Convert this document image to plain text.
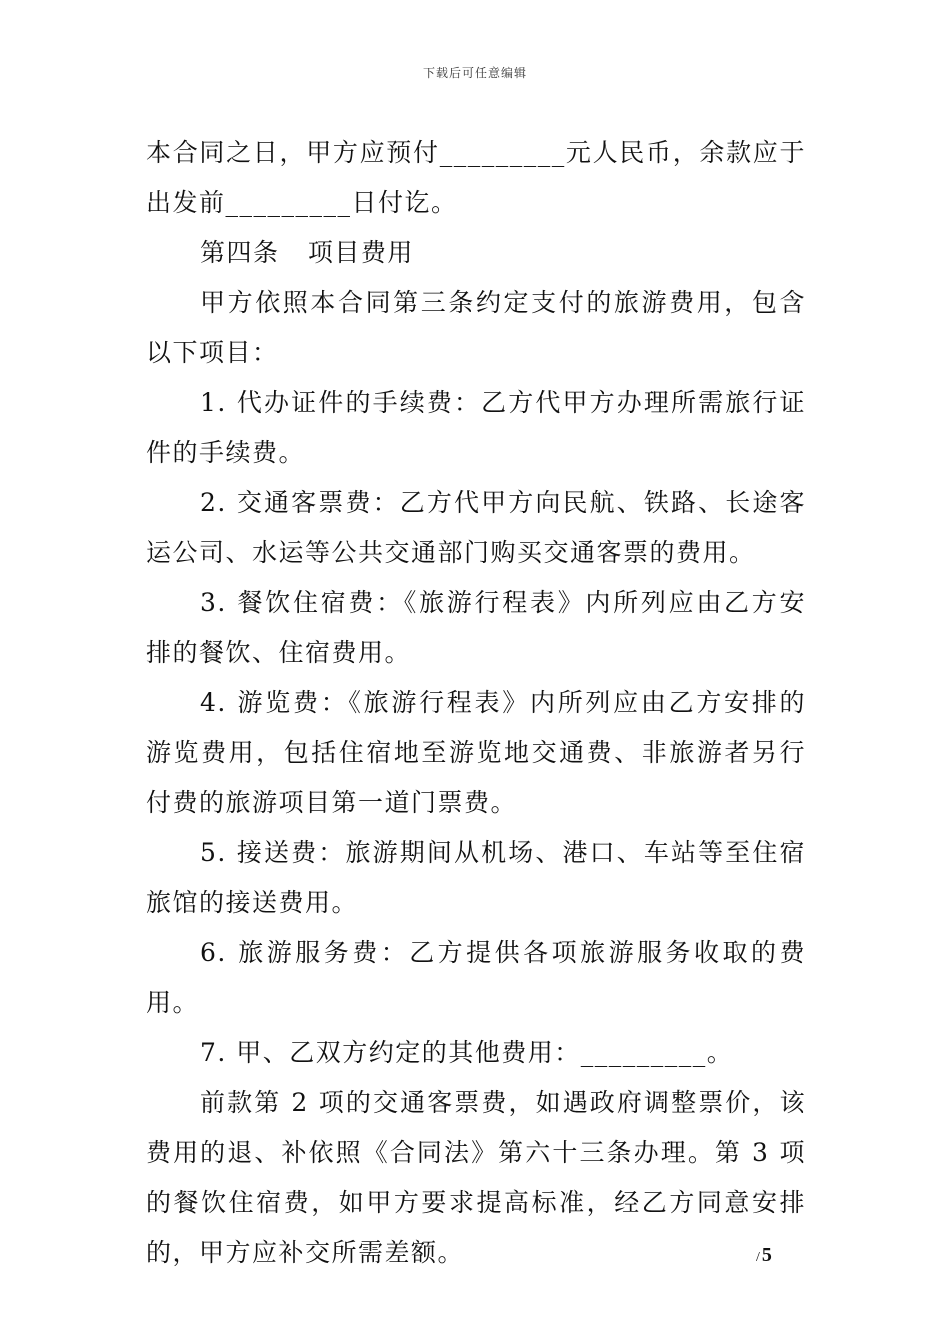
下载后可任意编辑

本合同之日，甲方应预付_________元人民币，余款应于出发前_________日付讫。

第四条   项目费用

甲方依照本合同第三条约定支付的旅游费用，包含以下项目：

1. 代办证件的手续费：乙方代甲方办理所需旅行证件的手续费。

2. 交通客票费：乙方代甲方向民航、铁路、长途客运公司、水运等公共交通部门购买交通客票的费用。

3. 餐饮住宿费：《旅游行程表》内所列应由乙方安排的餐饮、住宿费用。

4. 游览费：《旅游行程表》内所列应由乙方安排的游览费用，包括住宿地至游览地交通费、非旅游者另行付费的旅游项目第一道门票费。

5. 接送费：旅游期间从机场、港口、车站等至住宿旅馆的接送费用。

6. 旅游服务费：乙方提供各项旅游服务收取的费用。

7. 甲、乙双方约定的其他费用：_________。

前款第 2 项的交通客票费，如遇政府调整票价，该费用的退、补依照《合同法》第六十三条办理。第 3 项的餐饮住宿费，如甲方要求提高标准，经乙方同意安排的，甲方应补交所需差额。	/ 5
